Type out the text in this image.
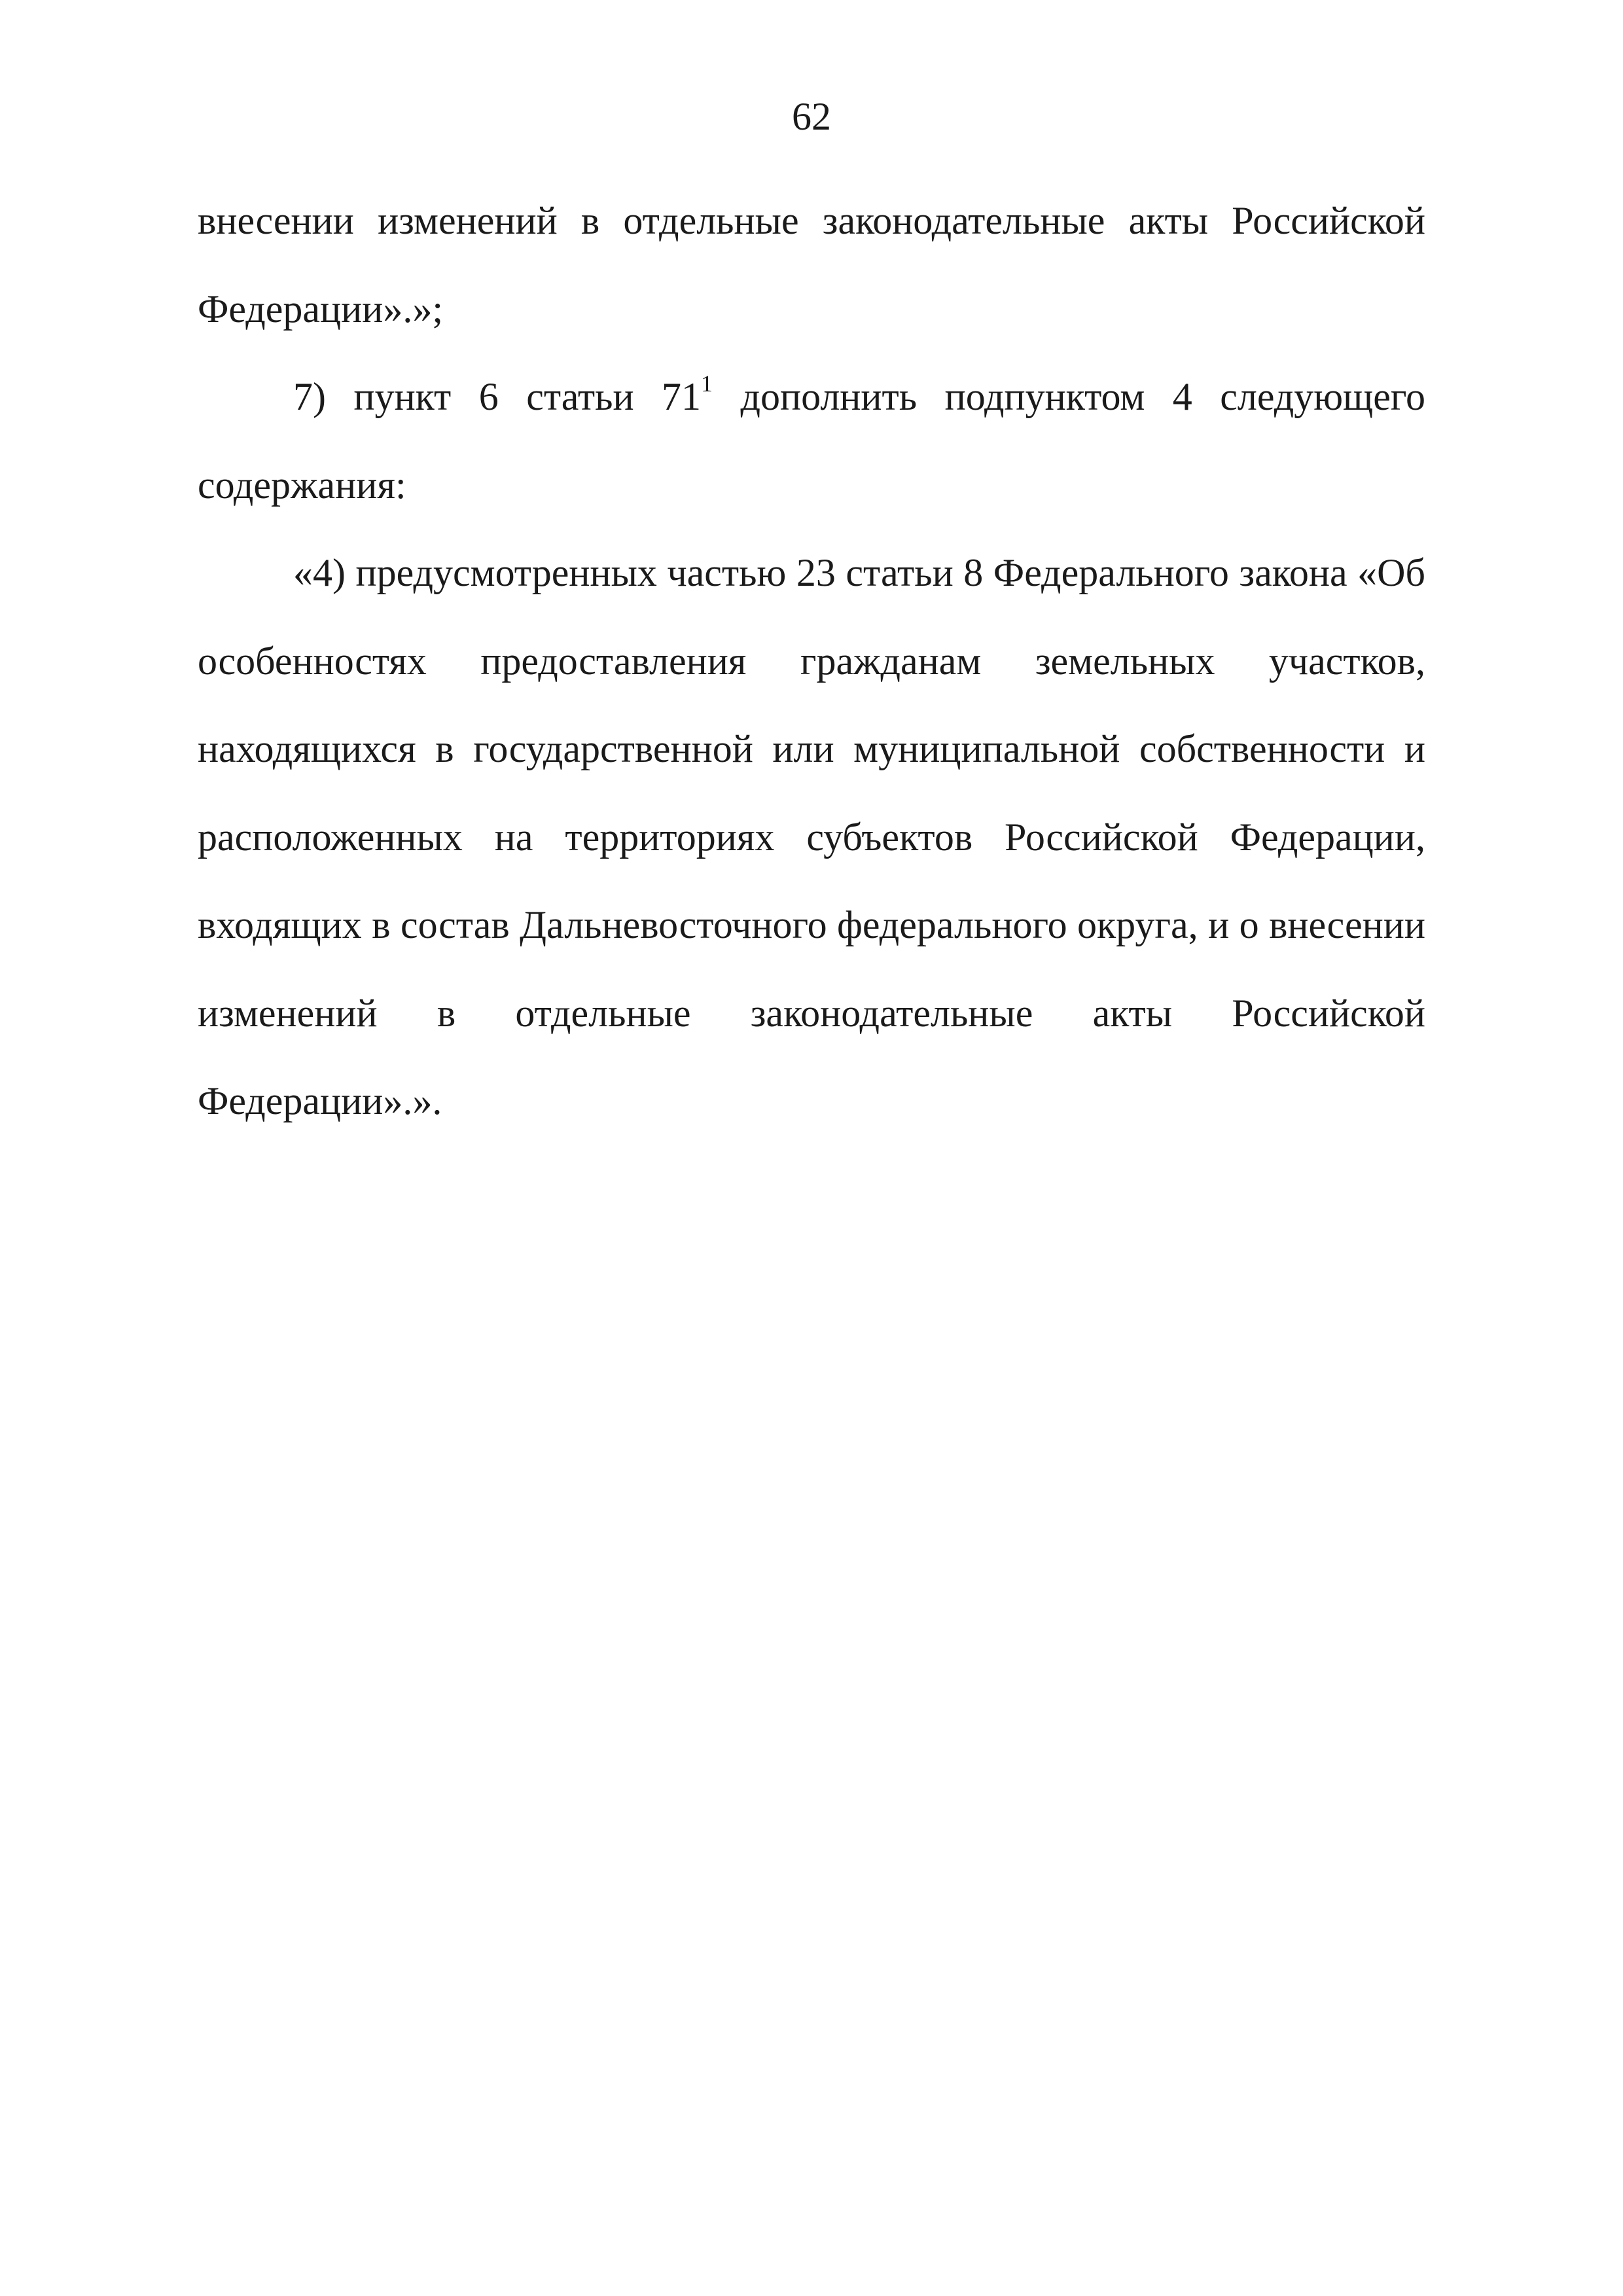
62

внесении изменений в отдельные законодательные акты Российской Федерации».»;

7) пункт 6 статьи $71^1$ дополнить подпунктом 4 следующего содержания:

«4) предусмотренных частью 23 статьи 8 Федерального закона «Об особенностях предоставления гражданам земельных участков, находящихся в государственной или муниципальной собственности и расположенных на территориях субъектов Российской Федерации, входящих в состав Дальневосточного федерального округа, и о внесении изменений в отдельные законодательные акты Российской Федерации».».
